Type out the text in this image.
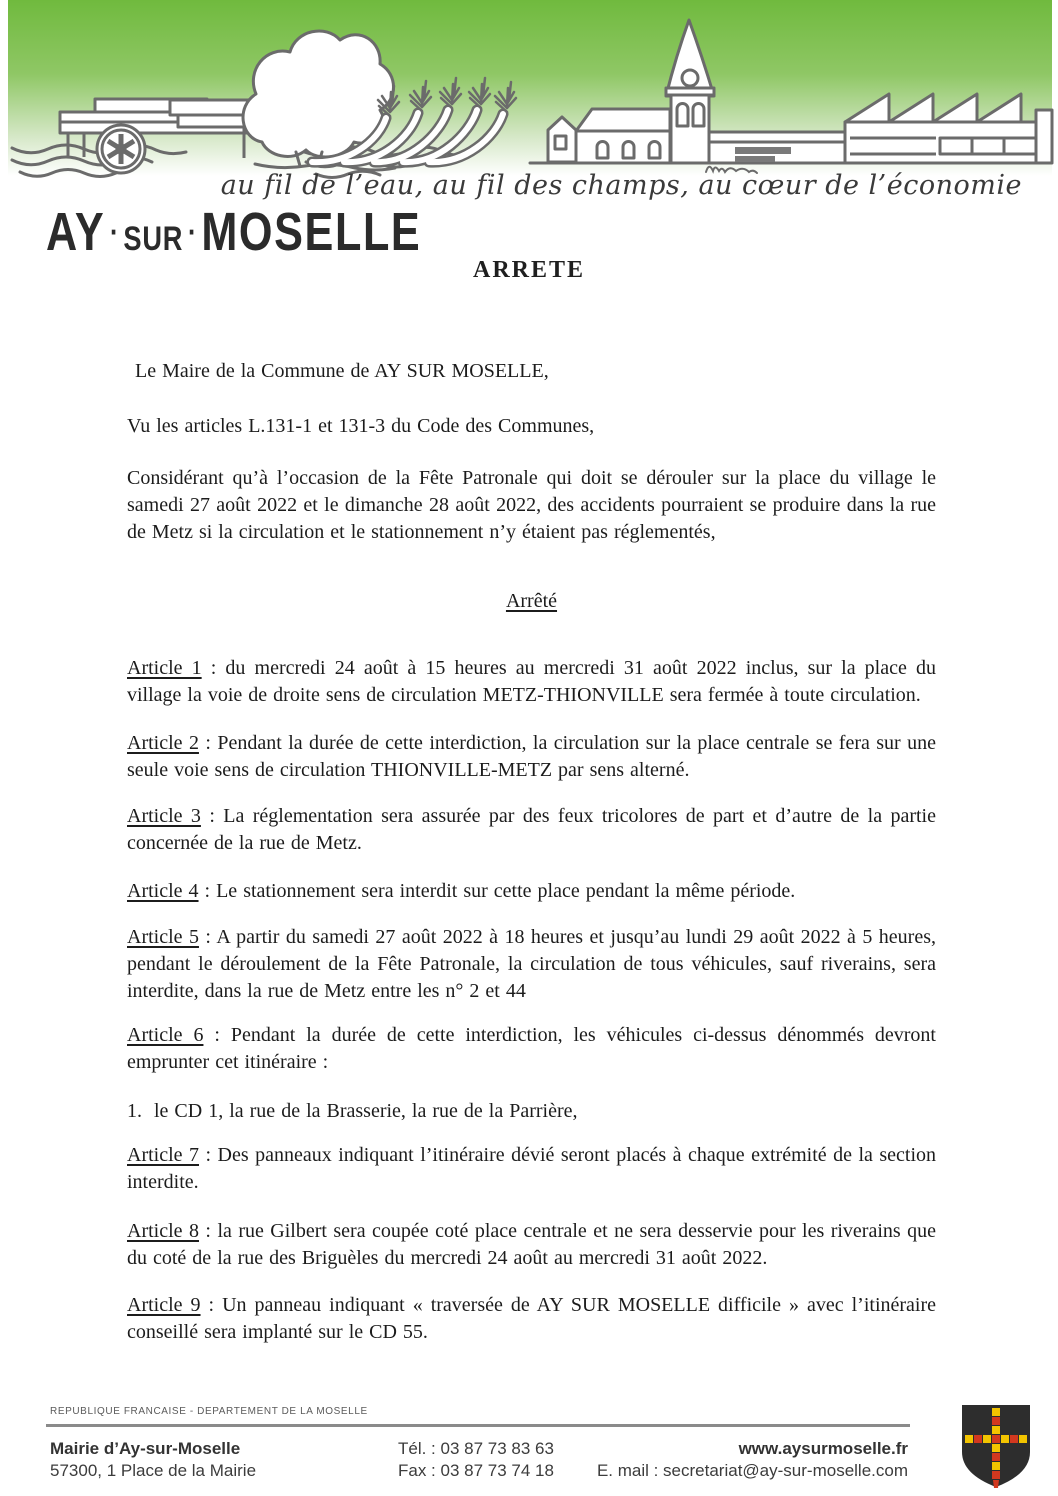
au fil de l’eau, au fil des champs, au cœur de l’économie
AY · SUR · MOSELLE
ARRETE

Le Maire de la Commune de AY SUR MOSELLE,

Vu les articles L.131-1 et 131-3 du Code des Communes,

Considérant qu’à l’occasion de la Fête Patronale qui doit se dérouler sur la place du village le samedi 27 août 2022 et le dimanche 28 août 2022, des accidents pourraient se produire dans la rue de Metz si la circulation et le stationnement n’y étaient pas réglementés,

Arrêté

Article 1 : du mercredi 24 août à 15 heures au mercredi 31 août 2022 inclus, sur la place du village la voie de droite sens de circulation METZ-THIONVILLE sera fermée à toute circulation.

Article 2 : Pendant la durée de cette interdiction, la circulation sur la place centrale se fera sur une seule voie sens de circulation THIONVILLE-METZ par sens alterné.

Article 3 : La réglementation sera assurée par des feux tricolores de part et d’autre de la partie concernée de la rue de Metz.

Article 4 : Le stationnement sera interdit sur cette place pendant la même période.

Article 5 : A partir du samedi 27 août 2022 à 18 heures et jusqu’au lundi 29 août 2022 à 5 heures, pendant le déroulement de la Fête Patronale, la circulation de tous véhicules, sauf riverains, sera interdite, dans la rue de Metz entre les n° 2 et 44

Article 6 : Pendant la durée de cette interdiction, les véhicules ci-dessus dénommés devront emprunter cet itinéraire :

1. le CD 1, la rue de la Brasserie, la rue de la Parrière,

Article 7 : Des panneaux indiquant l’itinéraire dévié seront placés à chaque extrémité de la section interdite.

Article 8 : la rue Gilbert sera coupée coté place centrale et ne sera desservie pour les riverains que du coté de la rue des Briguèles du mercredi 24 août au mercredi 31 août 2022.

Article 9 : Un panneau indiquant « traversée de AY SUR MOSELLE difficile » avec l’itinéraire conseillé sera implanté sur le CD 55.

REPUBLIQUE FRANCAISE - DEPARTEMENT DE LA MOSELLE
Mairie d’Ay-sur-Moselle
57300, 1 Place de la Mairie
Tél. : 03 87 73 83 63
Fax : 03 87 73 74 18
www.aysurmoselle.fr
E. mail : secretariat@ay-sur-moselle.com
